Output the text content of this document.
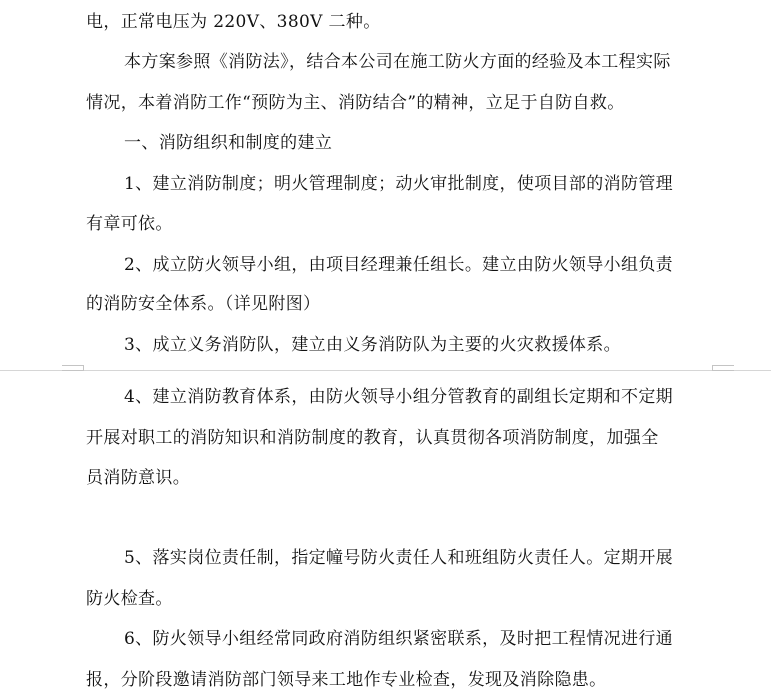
电，正常电压为 220V、380V 二种。
本方案参照《消防法》，结合本公司在施工防火方面的经验及本工程实际
情况，本着消防工作“预防为主、消防结合”的精神，立足于自防自救。
一、消防组织和制度的建立
1、建立消防制度；明火管理制度；动火审批制度，使项目部的消防管理
有章可依。
2、成立防火领导小组，由项目经理兼任组长。建立由防火领导小组负责
的消防安全体系。（详见附图）
3、成立义务消防队，建立由义务消防队为主要的火灾救援体系。
4、建立消防教育体系，由防火领导小组分管教育的副组长定期和不定期
开展对职工的消防知识和消防制度的教育，认真贯彻各项消防制度，加强全
员消防意识。
5、落实岗位责任制，指定幢号防火责任人和班组防火责任人。定期开展
防火检查。
6、防火领导小组经常同政府消防组织紧密联系，及时把工程情况进行通
报，分阶段邀请消防部门领导来工地作专业检查，发现及消除隐患。
